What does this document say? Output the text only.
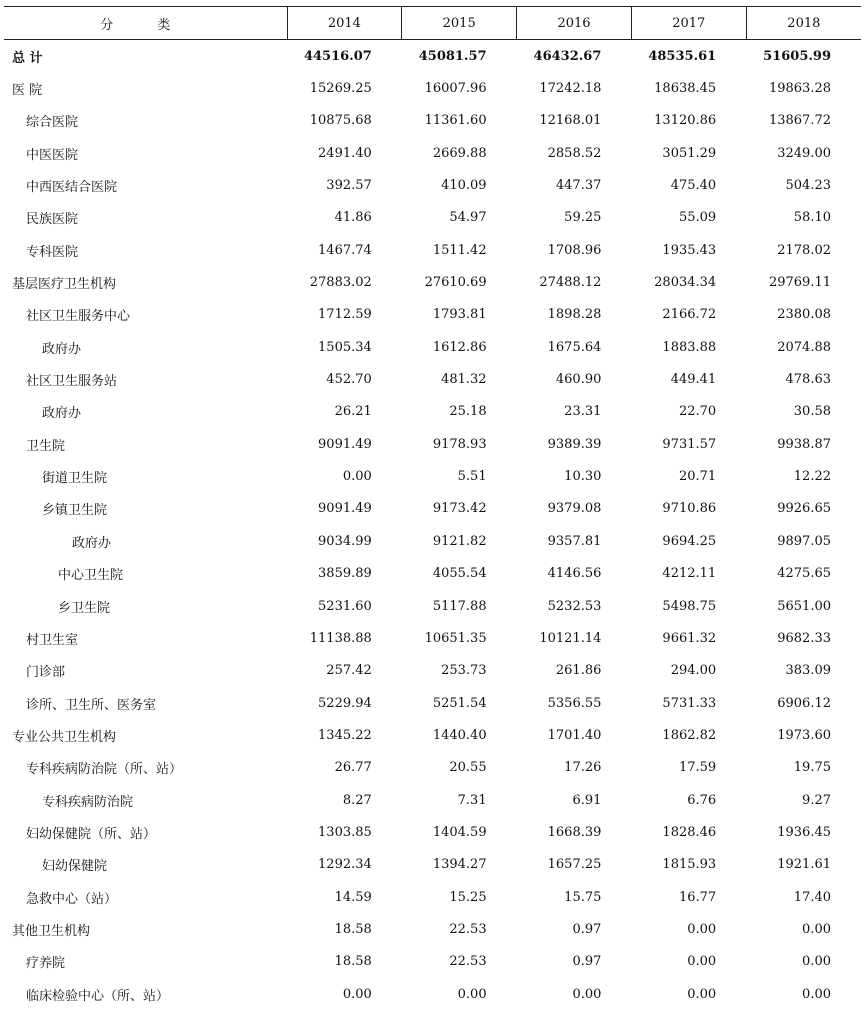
分 类	2014	2015	2016	2017	2018
总 计	44516.07	45081.57	46432.67	48535.61	51605.99
医 院	15269.25	16007.96	17242.18	18638.45	19863.28
综合医院	10875.68	11361.60	12168.01	13120.86	13867.72
中医医院	2491.40	2669.88	2858.52	3051.29	3249.00
中西医结合医院	392.57	410.09	447.37	475.40	504.23
民族医院	41.86	54.97	59.25	55.09	58.10
专科医院	1467.74	1511.42	1708.96	1935.43	2178.02
基层医疗卫生机构	27883.02	27610.69	27488.12	28034.34	29769.11
社区卫生服务中心	1712.59	1793.81	1898.28	2166.72	2380.08
政府办	1505.34	1612.86	1675.64	1883.88	2074.88
社区卫生服务站	452.70	481.32	460.90	449.41	478.63
政府办	26.21	25.18	23.31	22.70	30.58
卫生院	9091.49	9178.93	9389.39	9731.57	9938.87
街道卫生院	0.00	5.51	10.30	20.71	12.22
乡镇卫生院	9091.49	9173.42	9379.08	9710.86	9926.65
政府办	9034.99	9121.82	9357.81	9694.25	9897.05
中心卫生院	3859.89	4055.54	4146.56	4212.11	4275.65
乡卫生院	5231.60	5117.88	5232.53	5498.75	5651.00
村卫生室	11138.88	10651.35	10121.14	9661.32	9682.33
门诊部	257.42	253.73	261.86	294.00	383.09
诊所、卫生所、医务室	5229.94	5251.54	5356.55	5731.33	6906.12
专业公共卫生机构	1345.22	1440.40	1701.40	1862.82	1973.60
专科疾病防治院（所、站）	26.77	20.55	17.26	17.59	19.75
专科疾病防治院	8.27	7.31	6.91	6.76	9.27
妇幼保健院（所、站）	1303.85	1404.59	1668.39	1828.46	1936.45
妇幼保健院	1292.34	1394.27	1657.25	1815.93	1921.61
急救中心（站）	14.59	15.25	15.75	16.77	17.40
其他卫生机构	18.58	22.53	0.97	0.00	0.00
疗养院	18.58	22.53	0.97	0.00	0.00
临床检验中心（所、站）	0.00	0.00	0.00	0.00	0.00
